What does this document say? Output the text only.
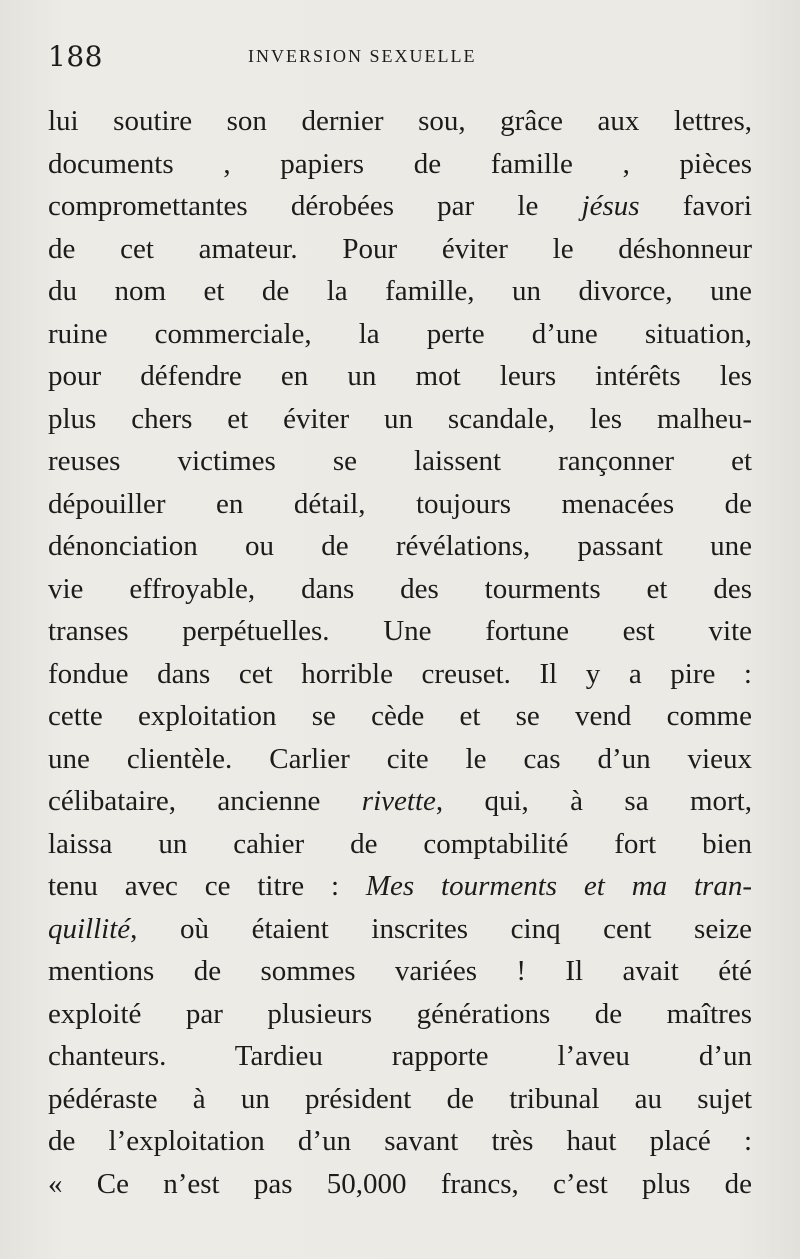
188	INVERSION SEXUELLE
lui soutire son dernier sou, grâce aux lettres,
documents , papiers de famille , pièces
compromettantes dérobées par le jésus favori
de cet amateur. Pour éviter le déshonneur
du nom et de la famille, un divorce, une
ruine commerciale, la perte d’une situation,
pour défendre en un mot leurs intérêts les
plus chers et éviter un scandale, les malheu-
reuses victimes se laissent rançonner et
dépouiller en détail, toujours menacées de
dénonciation ou de révélations, passant une
vie effroyable, dans des tourments et des
transes perpétuelles. Une fortune est vite
fondue dans cet horrible creuset. Il y a pire :
cette exploitation se cède et se vend comme
une clientèle. Carlier cite le cas d’un vieux
célibataire, ancienne rivette, qui, à sa mort,
laissa un cahier de comptabilité fort bien
tenu avec ce titre : Mes tourments et ma tran-
quillité, où étaient inscrites cinq cent seize
mentions de sommes variées ! Il avait été
exploité par plusieurs générations de maîtres
chanteurs. Tardieu rapporte l’aveu d’un
pédéraste à un président de tribunal au sujet
de l’exploitation d’un savant très haut placé :
« Ce n’est pas 50,000 francs, c’est plus de
